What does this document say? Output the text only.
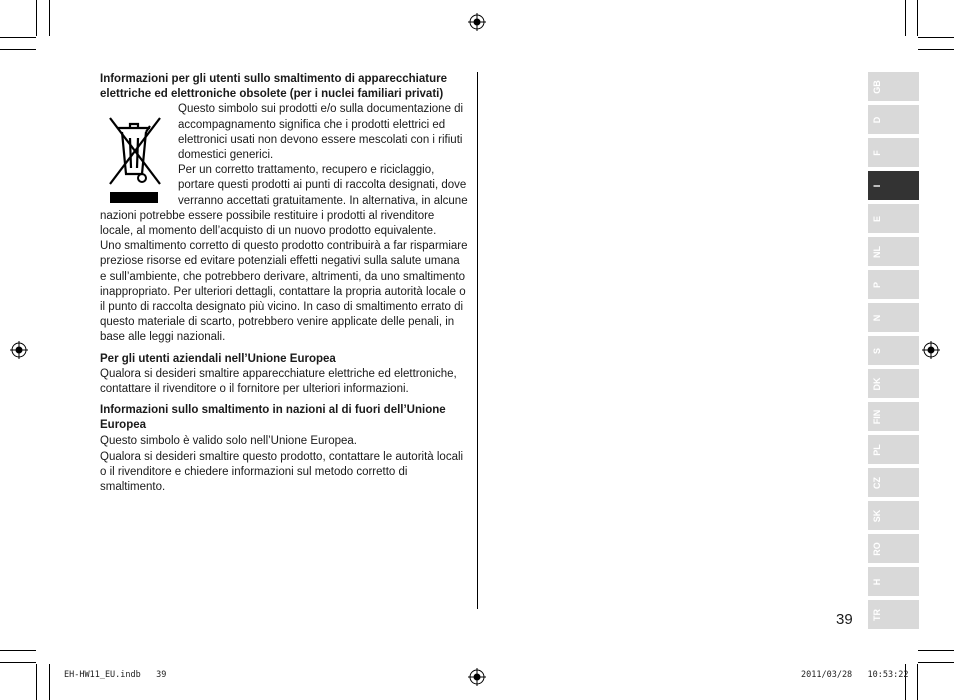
Informazioni per gli utenti sullo smaltimento di apparecchiature elettriche ed elettroniche obsolete (per i nuclei familiari privati)

Questo simbolo sui prodotti e/o sulla documentazione di accompagnamento significa che i prodotti elettrici ed elettronici usati non devono essere mescolati con i rifiuti domestici generici.

Per un corretto trattamento, recupero e riciclaggio, portare questi prodotti ai punti di raccolta designati, dove verranno accettati gratuitamente. In alternativa, in alcune nazioni potrebbe essere possibile restituire i prodotti al rivenditore locale, al momento dell’acquisto di un nuovo prodotto equivalente.

Uno smaltimento corretto di questo prodotto contribuirà a far risparmiare preziose risorse ed evitare potenziali effetti negativi sulla salute umana e sull’ambiente, che potrebbero derivare, altrimenti, da uno smaltimento inappropriato. Per ulteriori dettagli, contattare la propria autorità locale o il punto di raccolta designato più vicino. In caso di smaltimento errato di questo materiale di scarto, potrebbero venire applicate delle penali, in base alle leggi nazionali.

Per gli utenti aziendali nell’Unione Europea

Qualora si desideri smaltire apparecchiature elettriche ed elettroniche, contattare il rivenditore o il fornitore per ulteriori informazioni.

Informazioni sullo smaltimento in nazioni al di fuori dell’Unione Europea

Questo simbolo è valido solo nell’Unione Europea.

Qualora si desideri smaltire questo prodotto, contattare le autorità locali o il rivenditore e chiedere informazioni sul metodo corretto di smaltimento.

GB
D
F
I
E
NL
P
N
S
DK
FIN
PL
CZ
SK
RO
H
TR
39
EH-HW11_EU.indb   39	2011/03/28   10:53:22
